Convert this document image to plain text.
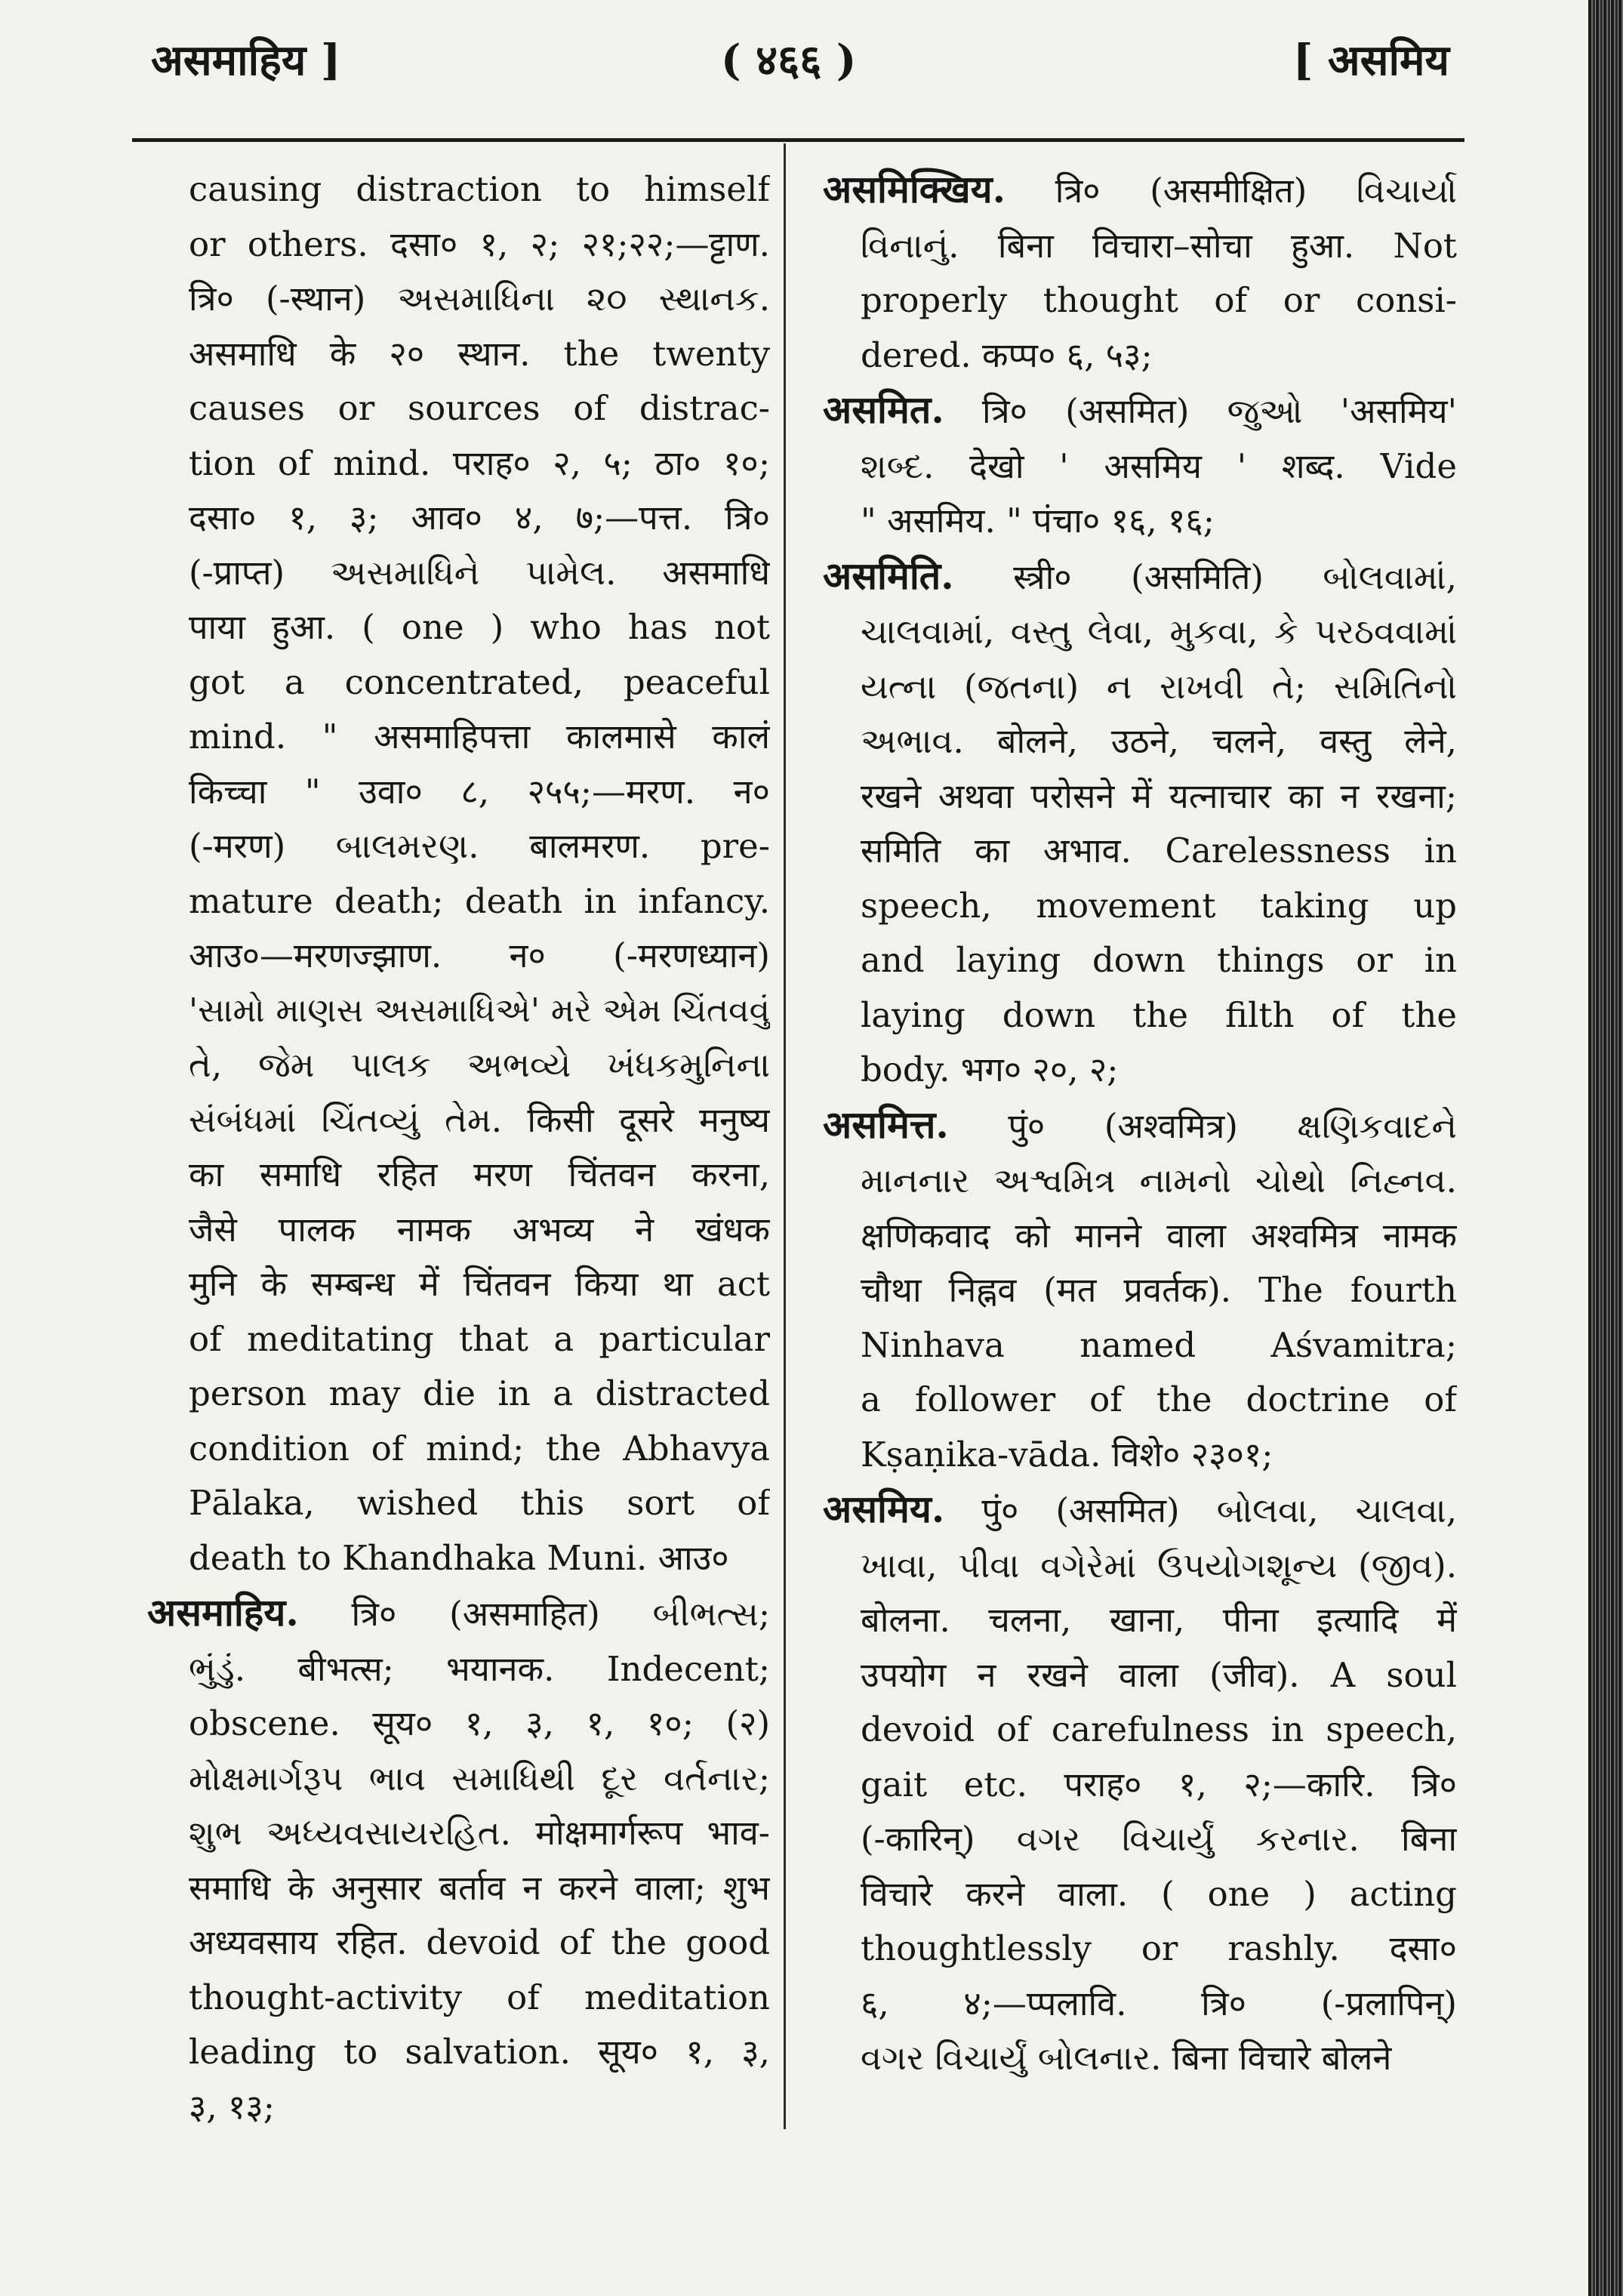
असमाहिय ]	( ४६६ )	[ असमिय
causing distraction to himself
or others. दसा० १, २; २१;२२;—ट्टाण.
त्रि० (-स्थान) અસમાધિના ૨૦ સ્થાનક.
असमाधि के २० स्थान. the twenty
causes or sources of distrac-
tion of mind. पराह० २, ५; ठा० १०;
दसा० १, ३; आव० ४, ७;—पत्त. त्रि०
(-प्राप्त) અસમાધિને પામેલ. असमाधि
पाया हुआ. ( one ) who has not
got a concentrated, peaceful
mind. " असमाहिपत्ता कालमासे कालं
किच्चा " उवा० ८, २५५;—मरण. न०
(-मरण) બાલમરણ. बालमरण. pre-
mature death; death in infancy.
आउ०—मरणज्झाण. न० (-मरणध्यान)
'સામો માણસ અસમાધિએ' મરે એમ ચિંતવવું
તે, જેમ પાલક અભવ્યે ખંધકમુનિના
સંબંધમાં ચિંતવ્યું તેમ. किसी दूसरे मनुष्य
का समाधि रहित मरण चिंतवन करना,
जैसे पालक नामक अभव्य ने खंधक
मुनि के सम्बन्ध में चिंतवन किया था act
of meditating that a particular
person may die in a distracted
condition of mind; the Abhavya
Pālaka, wished this sort of
death to Khandhaka Muni. आउ०
असमाहिय. त्रि० (असमाहित) બીભત્સ;
ભુંડું. बीभत्स; भयानक. Indecent;
obscene. सूय० १, ३, १, १०; (२)
મોક્ષમાર્ગરૂપ ભાવ સમાધિથી દૂર વર્તનાર;
શુભ અધ્યવસાયરહિત. मोक्षमार्गरूप भाव-
समाधि के अनुसार बर्ताव न करने वाला; शुभ
अध्यवसाय रहित. devoid of the good
thought-activity of meditation
leading to salvation. सूय० १, ३,
३, १३;
असमिक्खिय. त्रि० (असमीक्षित) વિચાર્યા
વિનાનું. बिना विचारा–सोचा हुआ. Not
properly thought of or consi-
dered. कप्प० ६, ५३;
असमित. त्रि० (असमित) જુઓ 'असमिय'
શબ્દ. देखो ' असमिय ' शब्द. Vide
" असमिय. " पंचा० १६, १६;
असमिति. स्त्री० (असमिति) બોલવામાં,
ચાલવામાં, વસ્તુ લેવા, મુકવા, કે પરઠવવામાં
યત્ના (જતના) ન રાખવી તે; સમિતિનો
અભાવ. बोलने, उठने, चलने, वस्तु लेने,
रखने अथवा परोसने में यत्नाचार का न रखना;
समिति का अभाव. Carelessness in
speech, movement taking up
and laying down things or in
laying down the filth of the
body. भग० २०, २;
असमित्त. पुं० (अश्वमित्र) ક્ષણિકવાદને
માનનાર અશ્વમિત્ર નામનો ચોથો નિહ્નવ.
क्षणिकवाद को मानने वाला अश्वमित्र नामक
चौथा निह्नव (मत प्रवर्तक). The fourth
Ninhava named Aśvamitra;
a follower of the doctrine of
Kṣaṇika-vāda. विशे० २३०१;
असमिय. पुं० (असमित) બોલવા, ચાલવા,
ખાવા, પીવા વગેરેમાં ઉપયોગશૂન્ય (જીવ).
बोलना. चलना, खाना, पीना इत्यादि में
उपयोग न रखने वाला (जीव). A soul
devoid of carefulness in speech,
gait etc. पराह० १, २;—कारि. त्रि०
(-कारिन्) વગર વિચાર્યું કરનાર. बिना
विचारे करने वाला. ( one ) acting
thoughtlessly or rashly. दसा०
६, ४;—प्पलावि. त्रि० (-प्रलापिन्)
વગર વિચાર્યું બોલનાર. बिना विचारे बोलने
